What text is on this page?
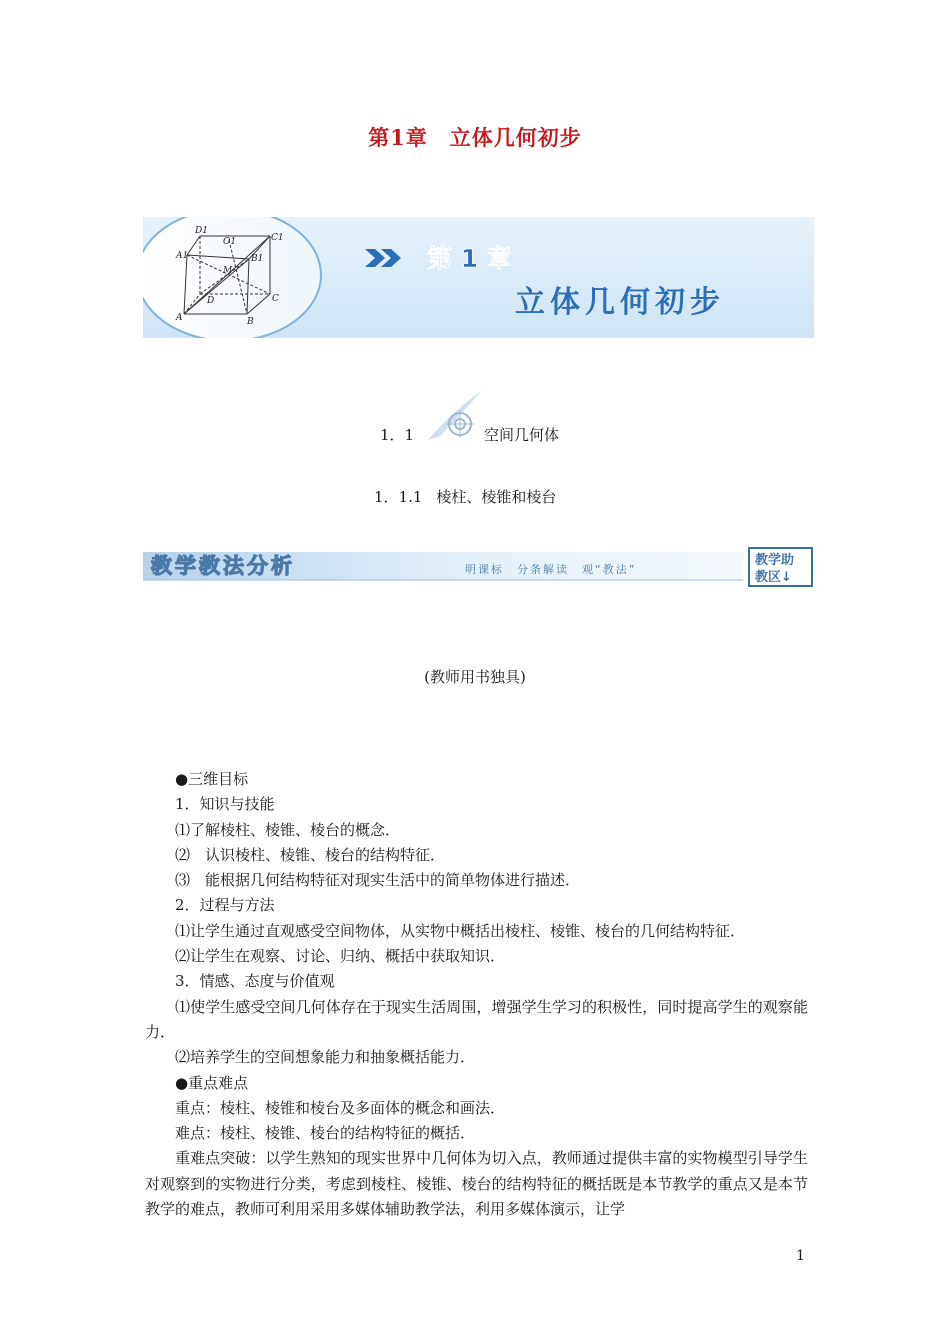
第1章　立体几何初步
D1
O1	C1
A1	B1
M
D	C
A	B
第 1 章
立体几何初步
1．1	空间几何体
1．1.1 棱柱、棱锥和棱台
教学教法分析	明课标　分条解读　观“教法”
教学助
教区↓
(教师用书独具)

●三维目标

1．知识与技能

⑴了解棱柱、棱锥、棱台的概念．

⑵　认识棱柱、棱锥、棱台的结构特征．

⑶　能根据几何结构特征对现实生活中的简单物体进行描述．

2．过程与方法

⑴让学生通过直观感受空间物体，从实物中概括出棱柱、棱锥、棱台的几何结构特征．

⑵让学生在观察、讨论、归纳、概括中获取知识．

3．情感、态度与价值观

⑴使学生感受空间几何体存在于现实生活周围，增强学生学习的积极性，同时提高学生的观察能力．

⑵培养学生的空间想象能力和抽象概括能力．

●重点难点

重点：棱柱、棱锥和棱台及多面体的概念和画法．

难点：棱柱、棱锥、棱台的结构特征的概括．

重难点突破：以学生熟知的现实世界中几何体为切入点，教师通过提供丰富的实物模型引导学生对观察到的实物进行分类，考虑到棱柱、棱锥、棱台的结构特征的概括既是本节教学的重点又是本节教学的难点，教师可利用采用多媒体辅助教学法，利用多媒体演示，让学

1
